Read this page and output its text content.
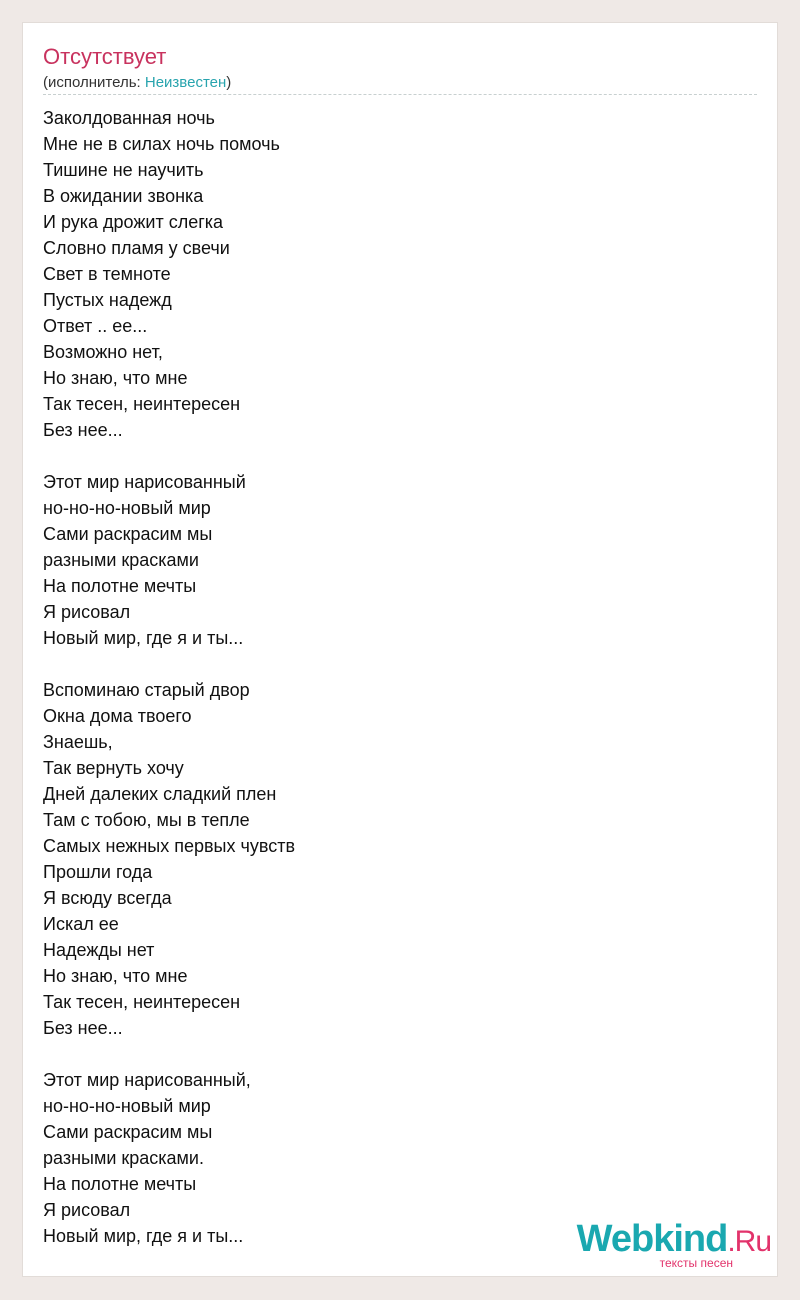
Отсутствует
(исполнитель: Неизвестен)
Заколдованная ночь
Мне не в силах ночь помочь
Тишине не научить
В ожидании звонка
И рука дрожит слегка
Словно пламя у свечи
Свет в темноте
Пустых надежд
Ответ .. ее...
Возможно нет,
Но знаю, что мне
Так тесен, неинтересен
Без нее...
Этот мир нарисованный
но-но-но-новый мир
Сами раскрасим мы
разными красками
На полотне мечты
Я рисовал
Новый мир, где я и ты...
Вспоминаю старый двор
Окна дома твоего
Знаешь,
Так вернуть хочу
Дней далеких сладкий плен
Там с тобою, мы в тепле
Самых нежных первых чувств
Прошли года
Я всюду всегда
Искал ее
Надежды нет
Но знаю, что мне
Так тесен, неинтересен
Без нее...
Этот мир нарисованный,
но-но-но-новый мир
Сами раскрасим мы
разными красками.
На полотне мечты
Я рисовал
Новый мир, где я и ты...	Webkind.Ru
тексты песен
